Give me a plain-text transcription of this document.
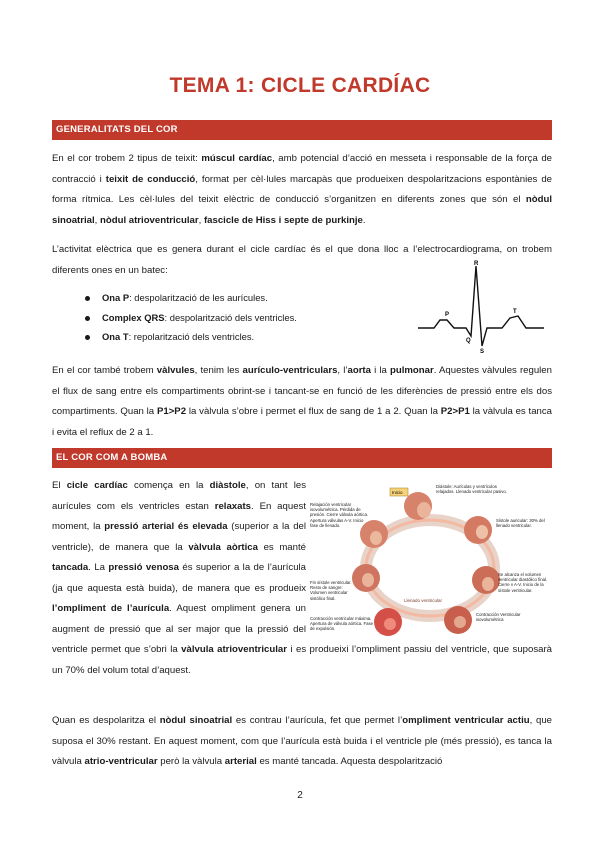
TEMA 1: CICLE CARDÍAC
GENERALITATS DEL COR
En el cor trobem 2 tipus de teixit: múscul cardíac, amb potencial d’acció en messeta i responsable de la força de contracció i teixit de conducció, format per cèl·lules marcapàs que produeixen despolaritzacions espontànies de forma rítmica. Les cèl·lules del teixit elèctric de conducció s’organitzen en diferents zones que són el nòdul sinoatrial, nòdul atrioventricular, fascicle de Hiss i septe de purkinje.
L’activitat elèctrica que es genera durant el cicle cardíac és el que dona lloc a l’electrocardiograma, on trobem diferents ones en un batec:
Ona P: despolarització de les aurícules.
Complex QRS: despolarització dels ventricles.
Ona T: repolarització dels ventricles.
P
R
Q
S
T
En el cor també trobem vàlvules, tenim les aurículo-ventriculars, l’aorta i la pulmonar. Aquestes vàlvules regulen el flux de sang entre els compartiments obrint-se i tancant-se en funció de les diferències de pressió entre els dos compartiments. Quan la P1>P2 la vàlvula s’obre i permet el flux de sang de 1 a 2. Quan la P2>P1 la vàlvula es tanca i evita el reflux de 2 a 1.
EL COR COM A BOMBA
El cicle cardíac comença en la diàstole, on tant les aurícules com els ventricles estan relaxats. En aquest moment, la pressió arterial és elevada (superior a la del ventricle), de manera que la vàlvula aòrtica es manté tancada. La pressió venosa és superior a la de l’aurícula (ja que aquesta està buida), de manera que es produeix l’ompliment de l’aurícula. Aquest ompliment genera un augment de pressió que al ser major que la pressió del ventricle permet que s’obri la vàlvula atrioventricular i es produeixi l’ompliment passiu del ventricle, que suposarà un 70% del volum total d’aquest.
Llenado ventricular
Inicio
Relajación ventricular isovolumétrica. Pérdida de presión. Cierre válvula aórtica. Apertura válvulas A-V. Inicio fase de llenado.
Diástole: Aurículas y ventrículos relajados. Llenado ventricular pasivo.
Sístole auricular: 30% del llenado ventricular.
Se alcanza el volumen ventricular diastólico final. Cierre v A-V. Inicio de la sístole ventricular.
Contracción Ventricular isovolumétrica
Contracción ventricular máxima. Apertura de válvula aórtica. Fase de expulsión.
Fin sístole ventricular. Resto de sangre: Volumen ventricular sistólico final.
Quan es despolaritza el nòdul sinoatrial es contrau l’aurícula, fet que permet l’ompliment ventricular actiu, que suposa el 30% restant. En aquest moment, com que l’aurícula està buida i el ventricle ple (més pressió), es tanca la vàlvula atrio-ventricular però la vàlvula arterial es manté tancada. Aquesta despolarització
2
